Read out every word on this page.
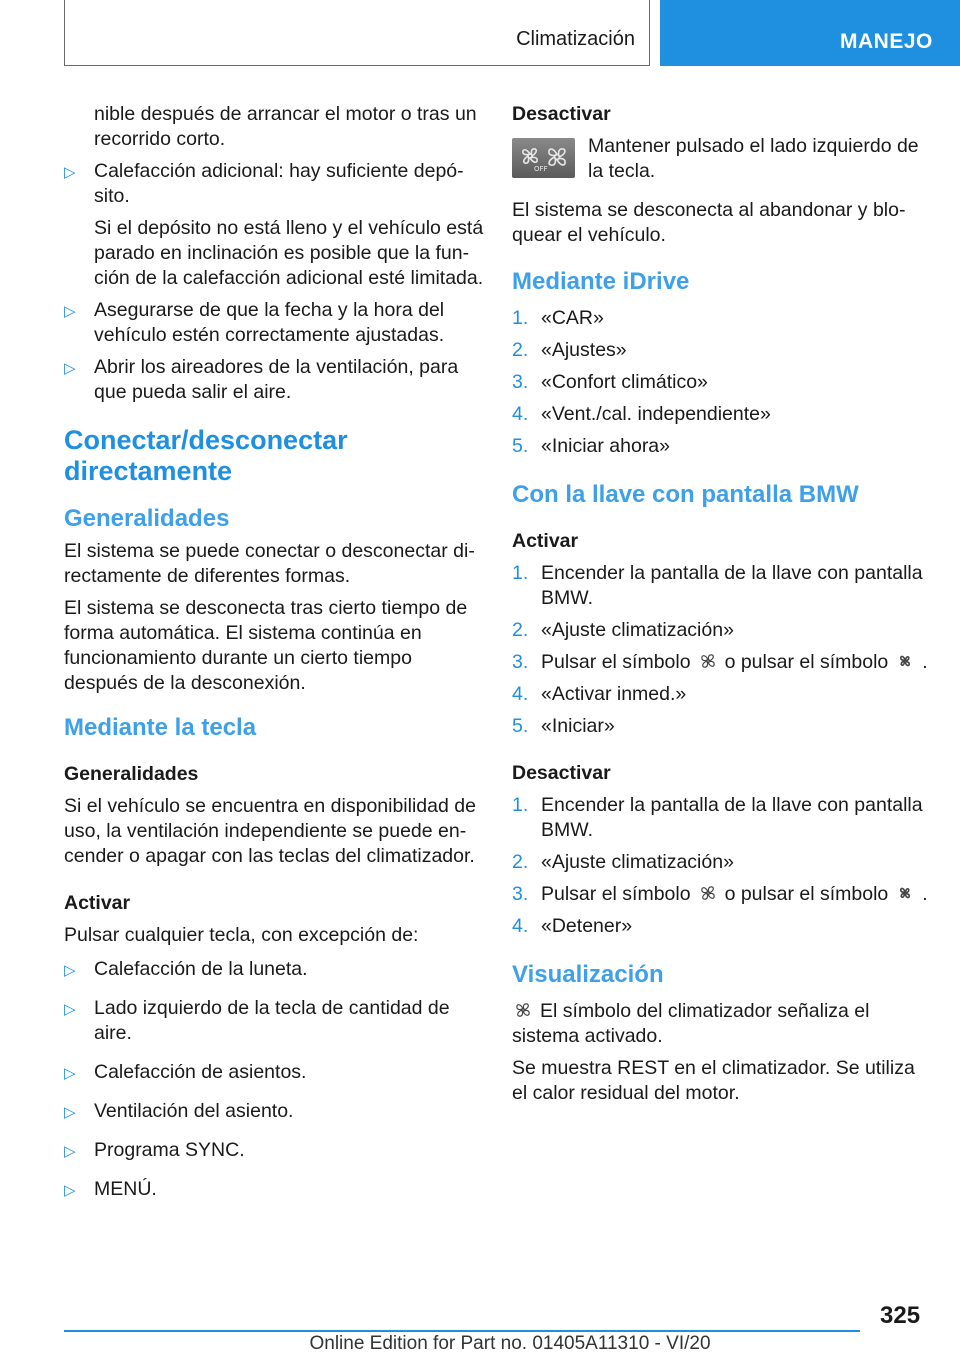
Climatización	MANEJO

nible después de arrancar el motor o tras un recorrido corto.

▷ Calefacción adicional: hay suficiente depósito.
Si el depósito no está lleno y el vehículo está parado en inclinación es posible que la función de la calefacción adicional esté limitada.
▷ Asegurarse de que la fecha y la hora del vehículo estén correctamente ajustadas.
▷ Abrir los aireadores de la ventilación, para que pueda salir el aire.
Conectar/desconectar directamente
Generalidades

El sistema se puede conectar o desconectar directamente de diferentes formas.

El sistema se desconecta tras cierto tiempo de forma automática. El sistema continúa en funcionamiento durante un cierto tiempo después de la desconexión.

Mediante la tecla
Generalidades

Si el vehículo se encuentra en disponibilidad de uso, la ventilación independiente se puede encender o apagar con las teclas del climatizador.

Activar

Pulsar cualquier tecla, con excepción de:

▷ Calefacción de la luneta.
▷ Lado izquierdo de la tecla de cantidad de aire.
▷ Calefacción de asientos.
▷ Ventilación del asiento.
▷ Programa SYNC.
▷ MENÚ.
Desactivar
OFF
Mantener pulsado el lado izquierdo de la tecla.

El sistema se desconecta al abandonar y bloquear el vehículo.

Mediante iDrive
1. «CAR»
2. «Ajustes»
3. «Confort climático»
4. «Vent./cal. independiente»
5. «Iniciar ahora»
Con la llave con pantalla BMW
Activar
1. Encender la pantalla de la llave con pantalla BMW.
2. «Ajuste climatización»
3. Pulsar el símbolo o pulsar el símbolo .
4. «Activar inmed.»
5. «Iniciar»
Desactivar
1. Encender la pantalla de la llave con pantalla BMW.
2. «Ajuste climatización»
3. Pulsar el símbolo o pulsar el símbolo .
4. «Detener»
Visualización

El símbolo del climatizador señaliza el sistema activado.

Se muestra REST en el climatizador. Se utiliza el calor residual del motor.

325
Online Edition for Part no. 01405A11310 - VI/20
